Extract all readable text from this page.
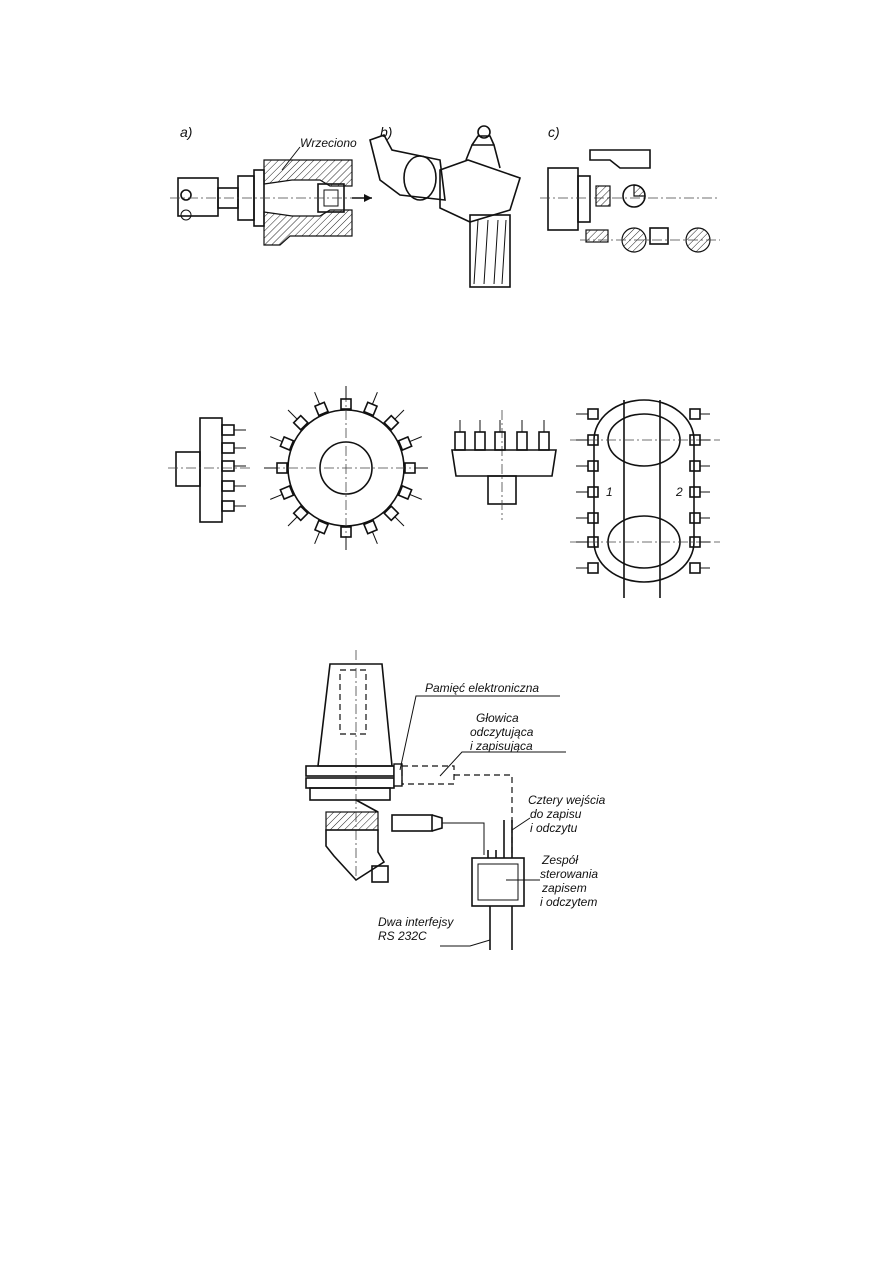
a)
Wrzeciono
b)	c)
1	2
Pamięć elektroniczna
Głowica
odczytująca
i zapisująca
Cztery wejścia
do zapisu
i odczytu
Zespół
sterowania
zapisem
i odczytem
Dwa interfejsy
RS 232C
